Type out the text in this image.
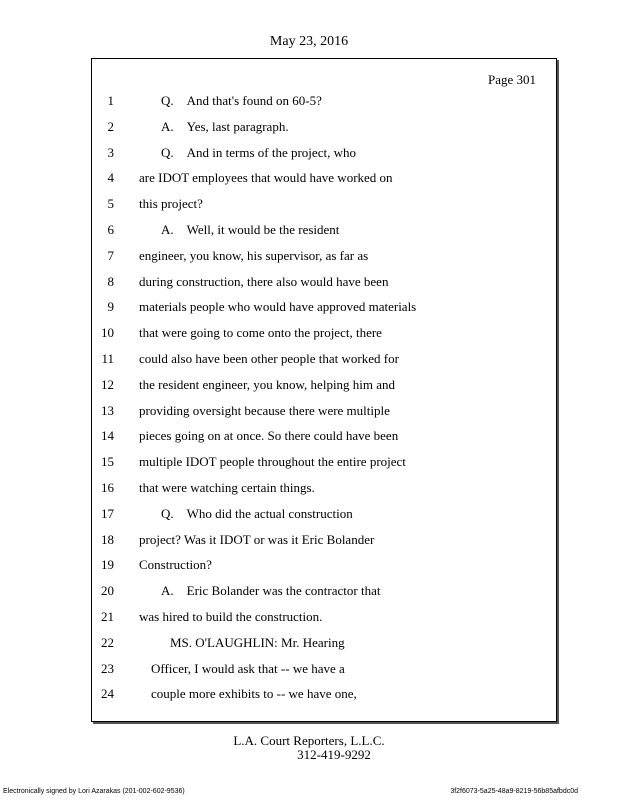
May 23, 2016
Page 301
1	Q.    And that's found on 60-5?
2	A.    Yes, last paragraph.
3	Q.    And in terms of the project, who
4 are IDOT employees that would have worked on
5 this project?
6	A.    Well, it would be the resident
7 engineer, you know, his supervisor, as far as
8 during construction, there also would have been
9 materials people who would have approved materials
10 that were going to come onto the project, there
11 could also have been other people that worked for
12 the resident engineer, you know, helping him and
13 providing oversight because there were multiple
14 pieces going on at once. So there could have been
15 multiple IDOT people throughout the entire project
16 that were watching certain things.
17	Q.    Who did the actual construction
18 project? Was it IDOT or was it Eric Bolander
19 Construction?
20	A.    Eric Bolander was the contractor that
21 was hired to build the construction.
22	MS. O'LAUGHLIN: Mr. Hearing
23	Officer, I would ask that -- we have a
24	couple more exhibits to -- we have one,
L.A. Court Reporters, L.L.C.
312-419-9292
Electronically signed by Lori Azarakas (201-002-602-9536)	3f2f6073-5a25-48a9-8219-56b85afbdc0d
